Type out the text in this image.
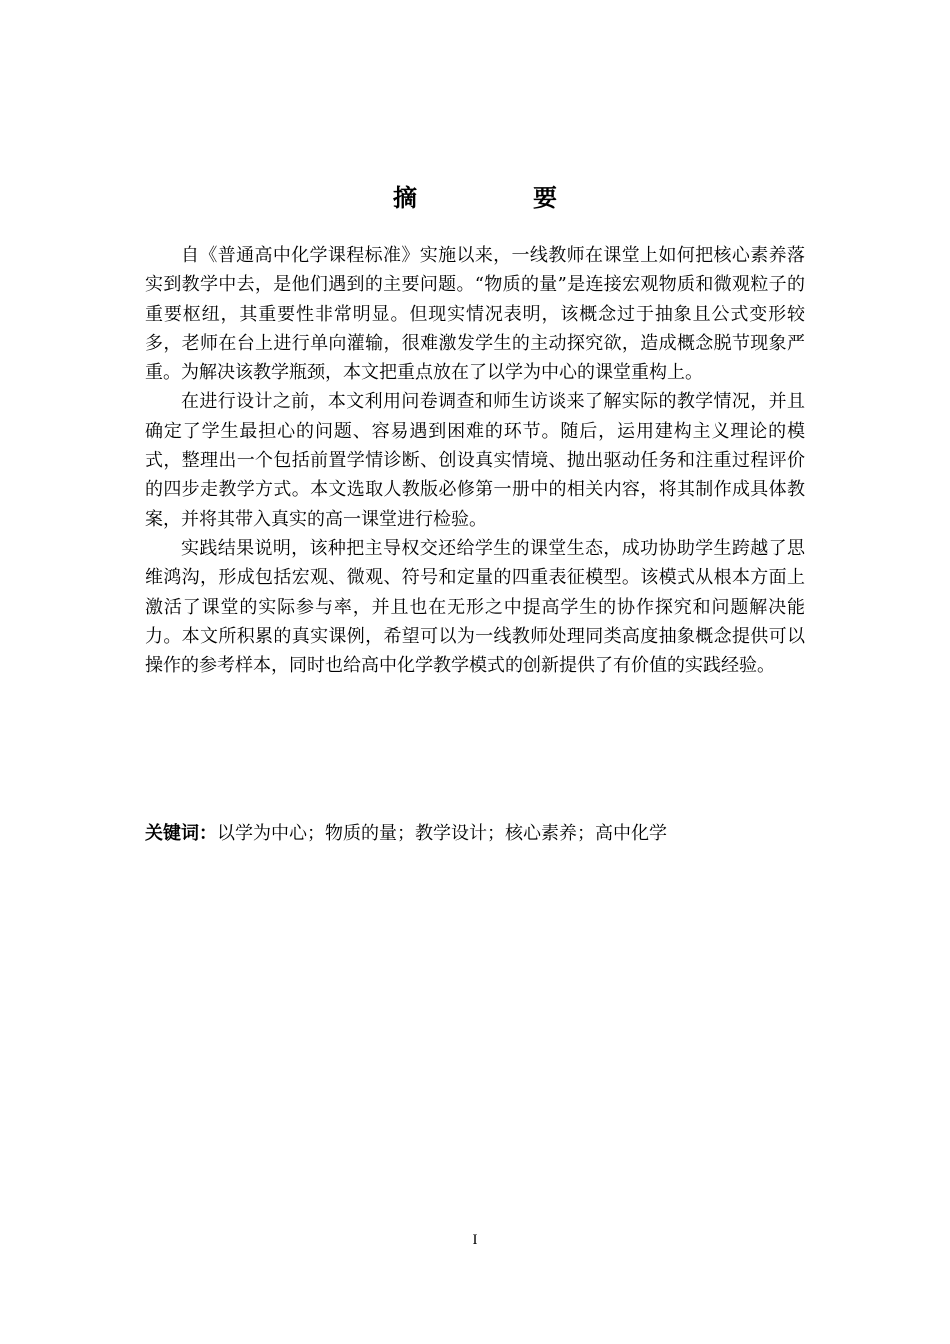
摘　要

自《普通高中化学课程标准》实施以来，一线教师在课堂上如何把核心素养落实到教学中去，是他们遇到的主要问题。“物质的量”是连接宏观物质和微观粒子的重要枢纽，其重要性非常明显。但现实情况表明，该概念过于抽象且公式变形较多，老师在台上进行单向灌输，很难激发学生的主动探究欲，造成概念脱节现象严重。为解决该教学瓶颈，本文把重点放在了以学为中心的课堂重构上。

在进行设计之前，本文利用问卷调查和师生访谈来了解实际的教学情况，并且确定了学生最担心的问题、容易遇到困难的环节。随后，运用建构主义理论的模式，整理出一个包括前置学情诊断、创设真实情境、抛出驱动任务和注重过程评价的四步走教学方式。本文选取人教版必修第一册中的相关内容，将其制作成具体教案，并将其带入真实的高一课堂进行检验。

实践结果说明，该种把主导权交还给学生的课堂生态，成功协助学生跨越了思维鸿沟，形成包括宏观、微观、符号和定量的四重表征模型。该模式从根本方面上激活了课堂的实际参与率，并且也在无形之中提高学生的协作探究和问题解决能力。本文所积累的真实课例，希望可以为一线教师处理同类高度抽象概念提供可以操作的参考样本，同时也给高中化学教学模式的创新提供了有价值的实践经验。

关键词：以学为中心；物质的量；教学设计；核心素养；高中化学
I
